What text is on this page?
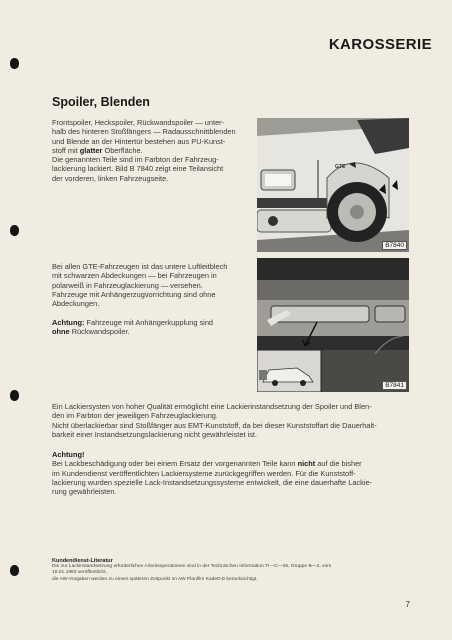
KAROSSERIE
Spoiler, Blenden

Frontspoiler, Heckspoiler, Rückwandspoiler — unter-
halb des hinteren Stoßfängers — Radausschnittblenden
und Blende an der Hintertür bestehen aus PU-Kunst-
stoff mit glatter Oberfläche.
Die genannten Teile sind im Farbton der Fahrzeug-
lackierung lackiert. Bild B 7840 zeigt eine Teilansicht
der vorderen, linken Fahrzeugseite.

Bei allen GTE-Fahrzeugen ist das untere Luftleitblech
mit schwarzen Abdeckungen — bei Fahrzeugen in
polarweiß in Fahrzeuglackierung — versehen.
Fahrzeuge mit Anhängerzugvorrichtung sind ohne
Abdeckungen.

Achtung: Fahrzeuge mit Anhängerkupplung sind
ohne Rückwandspoiler.

GTE
B7840
B7841

Ein Lackiersysten von hoher Qualität ermöglicht eine Lackierinstandsetzung der Spoiler und Blen-
den im Farbton der jeweiligen Fahrzeuglackierung.
Nicht überlackierbar sind Stoßfänger aus EMT-Kunststoff, da bei dieser Kunststoffart die Dauerhalt-
barkeit einer Instandsetzungslackierung nicht gewährleistet ist.

Achtung!
Bei Lackbeschädigung oder bei einem Ersatz der vorgenannten Teile kann nicht auf die bisher
im Kundendienst veröffentlichten Lackiersysteme zurückgegriffen werden. Für die Kunststoff-
lackierung wurden spezielle Lack-Instandsetzungssysteme entwickelt, die eine dauerhafte Lackie-
rung gewährleisten.

Kundendienst-Literatur
Die zur Lackinstandsetzung erforderlichen Arbeitsoperationen sind in der Technischen Information TI—C—36, Gruppe B—2, vom
10.01.1983 veröffentlicht,
die AW-Vorgaben werden zu einem späteren Zeitpunkt im AW Planfilm Kadett-D berücksichtigt.
7
